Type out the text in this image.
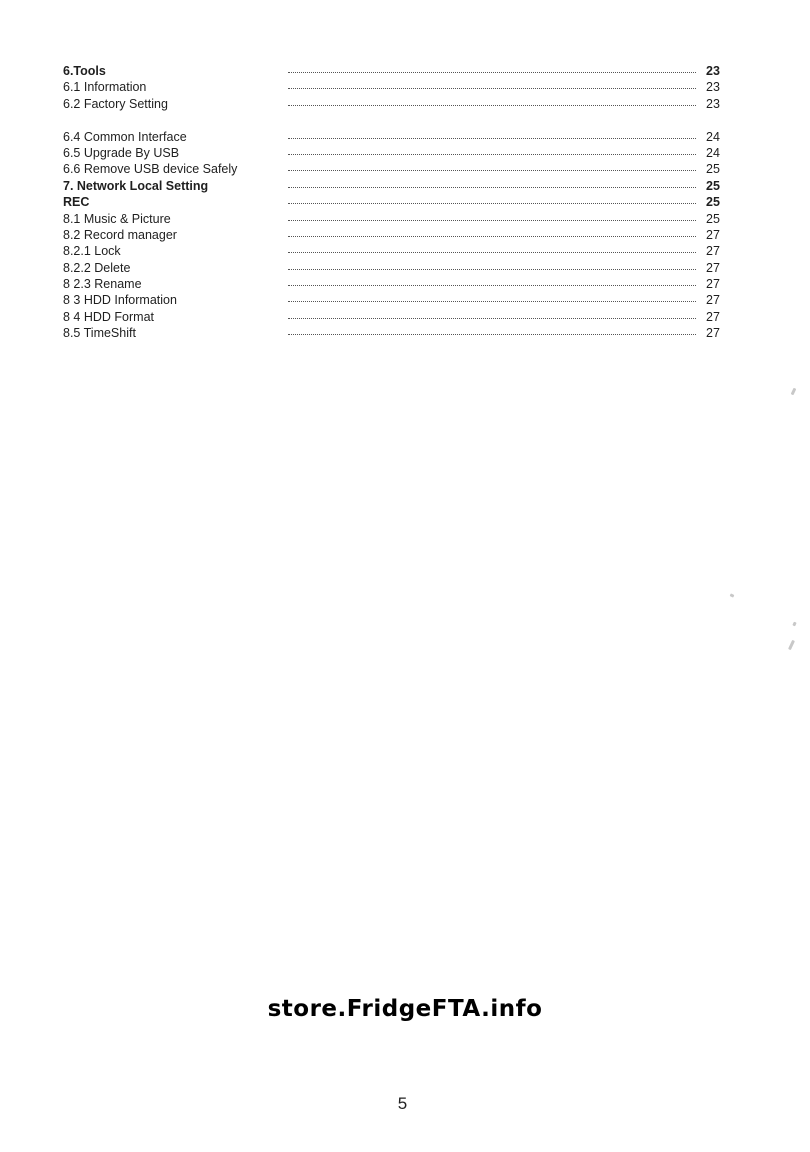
6.Tools	23
6.1 Information	23
6.2 Factory Setting	23
6.4 Common Interface	24
6.5 Upgrade By USB	24
6.6 Remove USB device Safely	25
7. Network Local Setting	25
REC	25
8.1 Music & Picture	25
8.2 Record manager	27
8.2.1 Lock	27
8.2.2 Delete	27
8 2.3 Rename	27
8 3 HDD Information	27
8 4 HDD Format	27
8.5 TimeShift	27
store.FridgeFTA.info
5
